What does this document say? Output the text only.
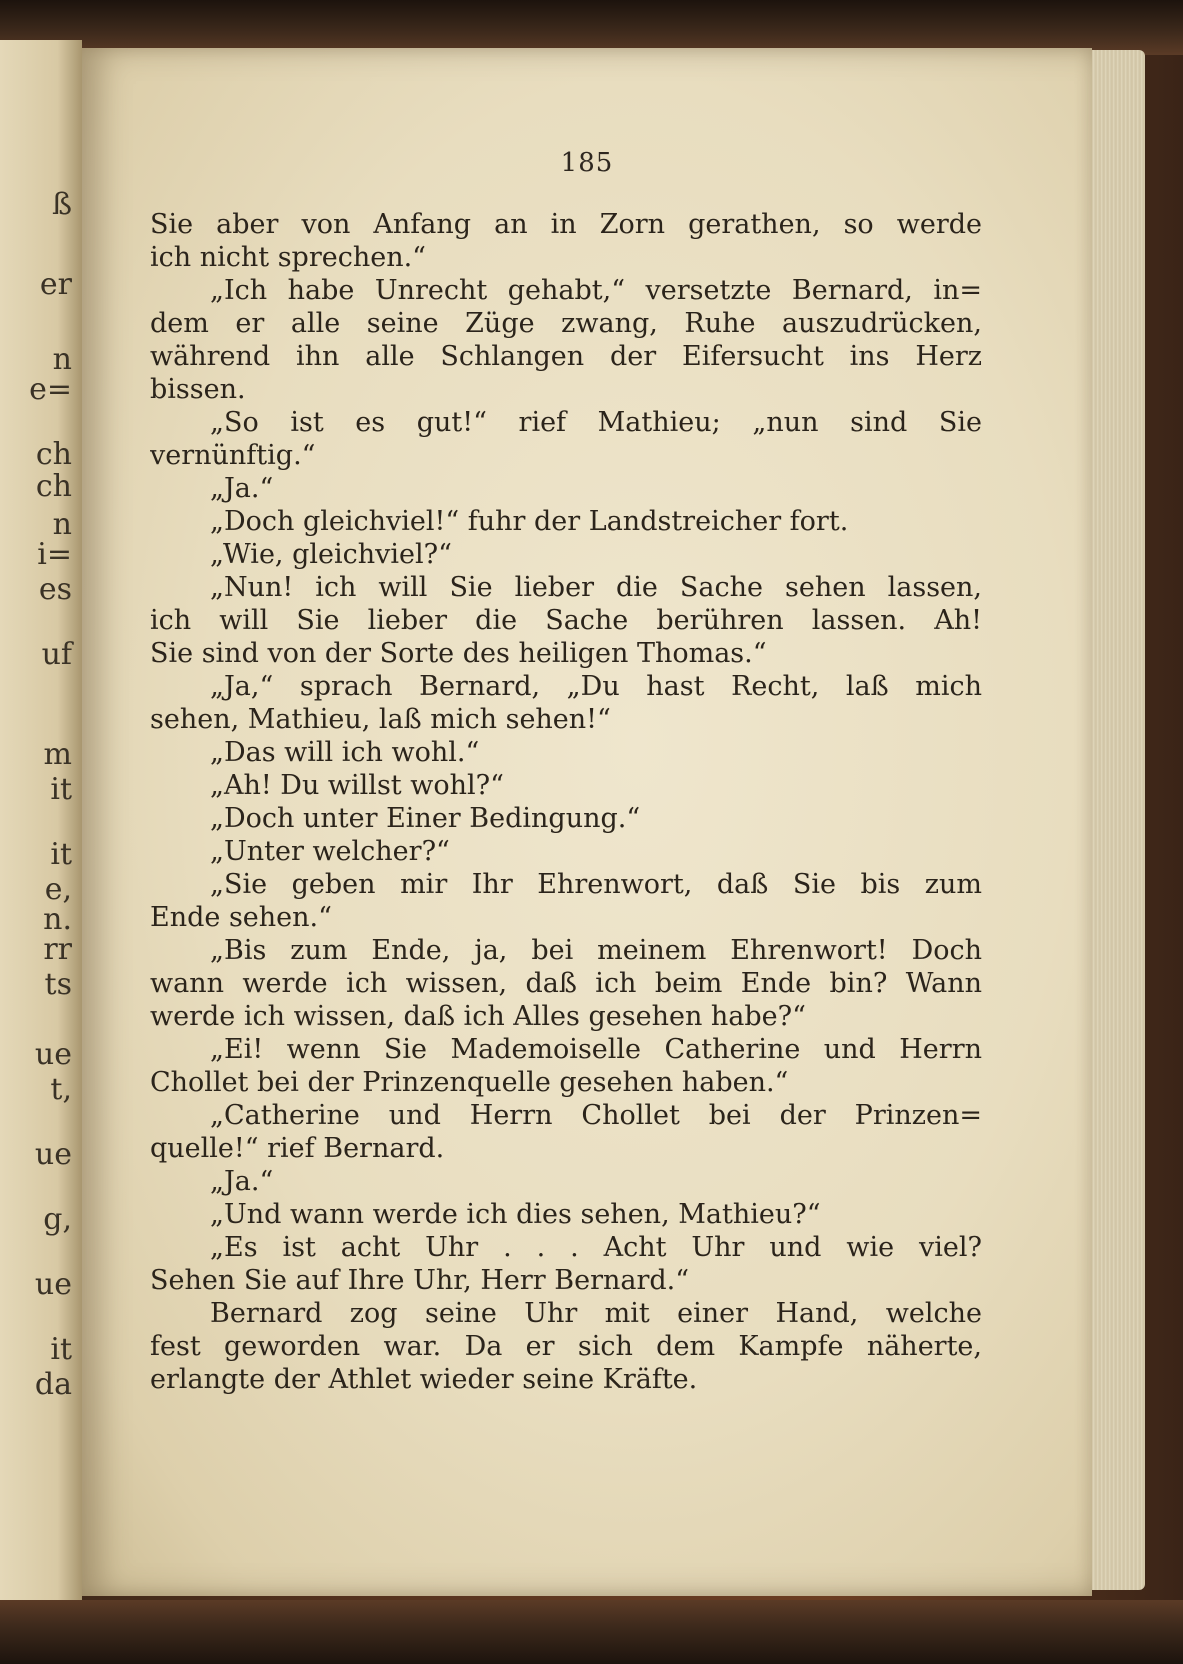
ß
er
n
e=
ch
ch
n
i=
es
uf
m
it
it
e,
n.
rr
ts
ue
t,
ue
g,
ue
it
da
185
Sie aber von Anfang an in Zorn gerathen, so werde
ich nicht sprechen.“
„Ich habe Unrecht gehabt,“ versetzte Bernard, in=
dem er alle seine Züge zwang, Ruhe auszudrücken,
während ihn alle Schlangen der Eifersucht ins Herz
bissen.
„So ist es gut!“ rief Mathieu; „nun sind Sie
vernünftig.“
„Ja.“
„Doch gleichviel!“ fuhr der Landstreicher fort.
„Wie, gleichviel?“
„Nun! ich will Sie lieber die Sache sehen lassen,
ich will Sie lieber die Sache berühren lassen. Ah!
Sie sind von der Sorte des heiligen Thomas.“
„Ja,“ sprach Bernard, „Du hast Recht, laß mich
sehen, Mathieu, laß mich sehen!“
„Das will ich wohl.“
„Ah! Du willst wohl?“
„Doch unter Einer Bedingung.“
„Unter welcher?“
„Sie geben mir Ihr Ehrenwort, daß Sie bis zum
Ende sehen.“
„Bis zum Ende, ja, bei meinem Ehrenwort! Doch
wann werde ich wissen, daß ich beim Ende bin? Wann
werde ich wissen, daß ich Alles gesehen habe?“
„Ei! wenn Sie Mademoiselle Catherine und Herrn
Chollet bei der Prinzenquelle gesehen haben.“
„Catherine und Herrn Chollet bei der Prinzen=
quelle!“ rief Bernard.
„Ja.“
„Und wann werde ich dies sehen, Mathieu?“
„Es ist acht Uhr . . . Acht Uhr und wie viel?
Sehen Sie auf Ihre Uhr, Herr Bernard.“
Bernard zog seine Uhr mit einer Hand, welche
fest geworden war. Da er sich dem Kampfe näherte,
erlangte der Athlet wieder seine Kräfte.
